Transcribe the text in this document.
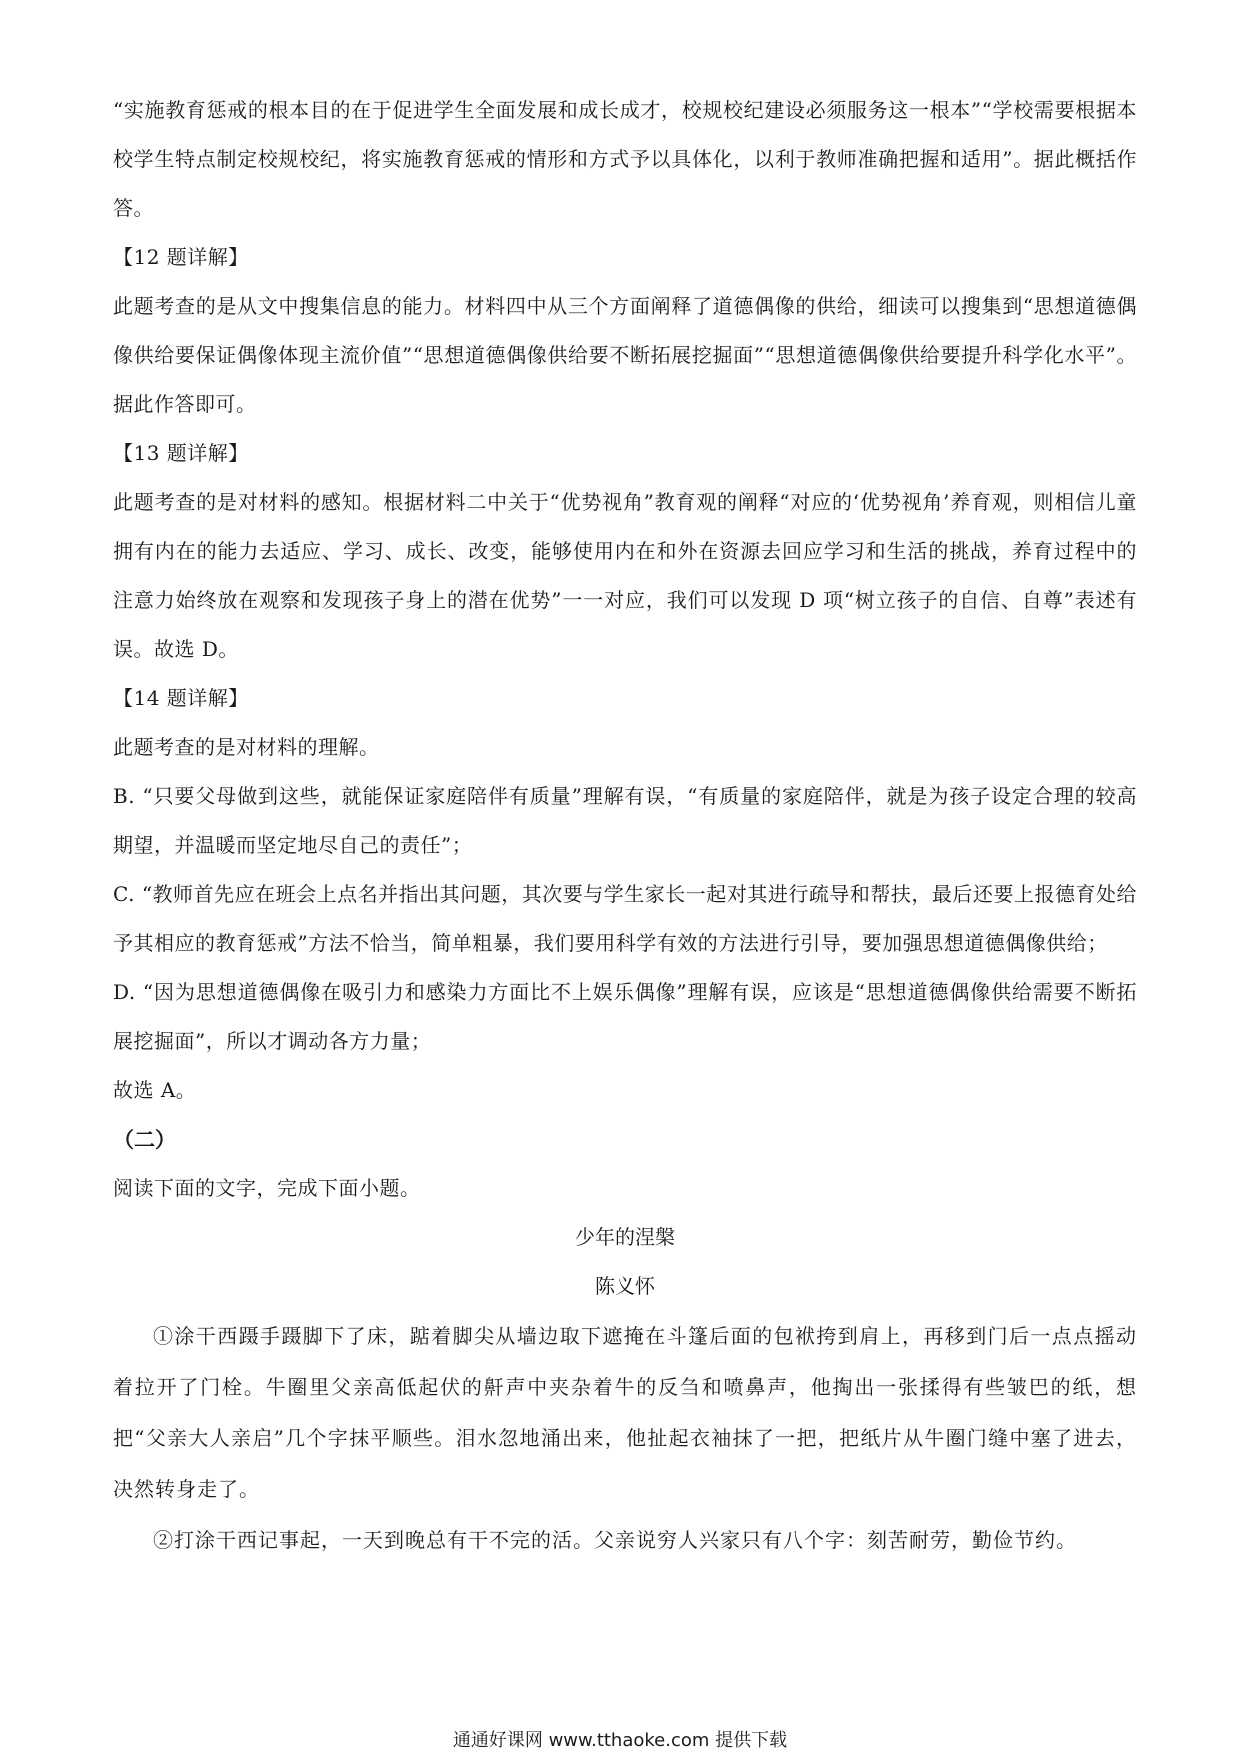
“实施教育惩戒的根本目的在于促进学生全面发展和成长成才，校规校纪建设必须服务这一根本”“学校需要根据本校学生特点制定校规校纪，将实施教育惩戒的情形和方式予以具体化，以利于教师准确把握和适用”。据此概括作答。

【12 题详解】

此题考查的是从文中搜集信息的能力。材料四中从三个方面阐释了道德偶像的供给，细读可以搜集到“思想道德偶像供给要保证偶像体现主流价值”“思想道德偶像供给要不断拓展挖掘面”“思想道德偶像供给要提升科学化水平”。据此作答即可。

【13 题详解】

此题考查的是对材料的感知。根据材料二中关于“优势视角”教育观的阐释“对应的‘优势视角’养育观，则相信儿童拥有内在的能力去适应、学习、成长、改变，能够使用内在和外在资源去回应学习和生活的挑战，养育过程中的注意力始终放在观察和发现孩子身上的潜在优势”一一对应，我们可以发现 D 项“树立孩子的自信、自尊”表述有误。故选 D。

【14 题详解】

此题考查的是对材料的理解。

B. “只要父母做到这些，就能保证家庭陪伴有质量”理解有误，“有质量的家庭陪伴，就是为孩子设定合理的较高期望，并温暖而坚定地尽自己的责任”；

C. “教师首先应在班会上点名并指出其问题，其次要与学生家长一起对其进行疏导和帮扶，最后还要上报德育处给予其相应的教育惩戒”方法不恰当，简单粗暴，我们要用科学有效的方法进行引导，要加强思想道德偶像供给；

D. “因为思想道德偶像在吸引力和感染力方面比不上娱乐偶像”理解有误，应该是“思想道德偶像供给需要不断拓展挖掘面”，所以才调动各方力量；

故选 A。

（二）

阅读下面的文字，完成下面小题。

少年的涅槃

陈义怀

①涂干西蹑手蹑脚下了床，踮着脚尖从墙边取下遮掩在斗篷后面的包袱挎到肩上，再移到门后一点点摇动着拉开了门栓。牛圈里父亲高低起伏的鼾声中夹杂着牛的反刍和喷鼻声，他掏出一张揉得有些皱巴的纸，想把“父亲大人亲启”几个字抹平顺些。泪水忽地涌出来，他扯起衣袖抹了一把，把纸片从牛圈门缝中塞了进去，决然转身走了。

②打涂干西记事起，一天到晚总有干不完的活。父亲说穷人兴家只有八个字：刻苦耐劳，勤俭节约。

通通好课网 www.tthaoke.com 提供下载
